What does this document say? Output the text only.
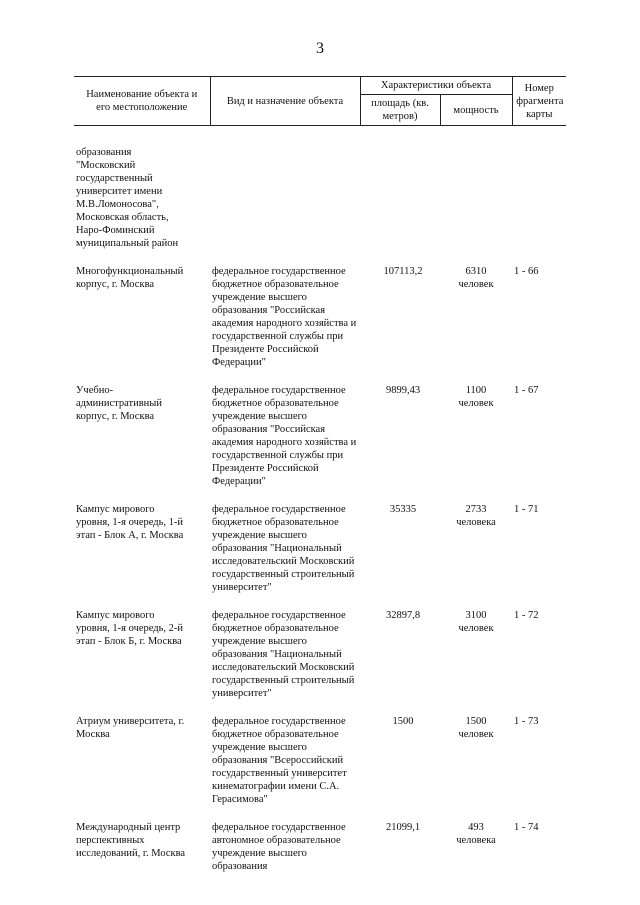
3
Наименование объекта и его местоположение	Вид и назначение объекта	Характеристики объекта		Номер фрагмента карты
		площадь (кв. метров)	мощность	

образования "Московский государственный университет имени М.В.Ломоносова", Московская область, Наро-Фоминский муниципальный район				

Многофункциональный корпус, г. Москва	федеральное государственное бюджетное образовательное учреждение высшего образования "Российская академия народного хозяйства и государственной службы при Президенте Российской Федерации"	107113,2	6310 человек	1 - 66

Учебно-административный корпус, г. Москва	федеральное государственное бюджетное образовательное учреждение высшего образования "Российская академия народного хозяйства и государственной службы при Президенте Российской Федерации"	9899,43	1100 человек	1 - 67

Кампус мирового уровня, 1-я очередь, 1-й этап - Блок А, г. Москва	федеральное государственное бюджетное образовательное учреждение высшего образования "Национальный исследовательский Московский государственный строительный университет"	35335	2733 человека	1 - 71

Кампус мирового уровня, 1-я очередь, 2-й этап - Блок Б, г. Москва	федеральное государственное бюджетное образовательное учреждение высшего образования "Национальный исследовательский Московский государственный строительный университет"	32897,8	3100 человек	1 - 72

Атриум университета, г. Москва	федеральное государственное бюджетное образовательное учреждение высшего образования "Всероссийский государственный университет кинематографии имени С.А. Герасимова"	1500	1500 человек	1 - 73

Международный центр перспективных исследований, г. Москва	федеральное государственное автономное образовательное учреждение высшего образования	21099,1	493 человека	1 - 74
